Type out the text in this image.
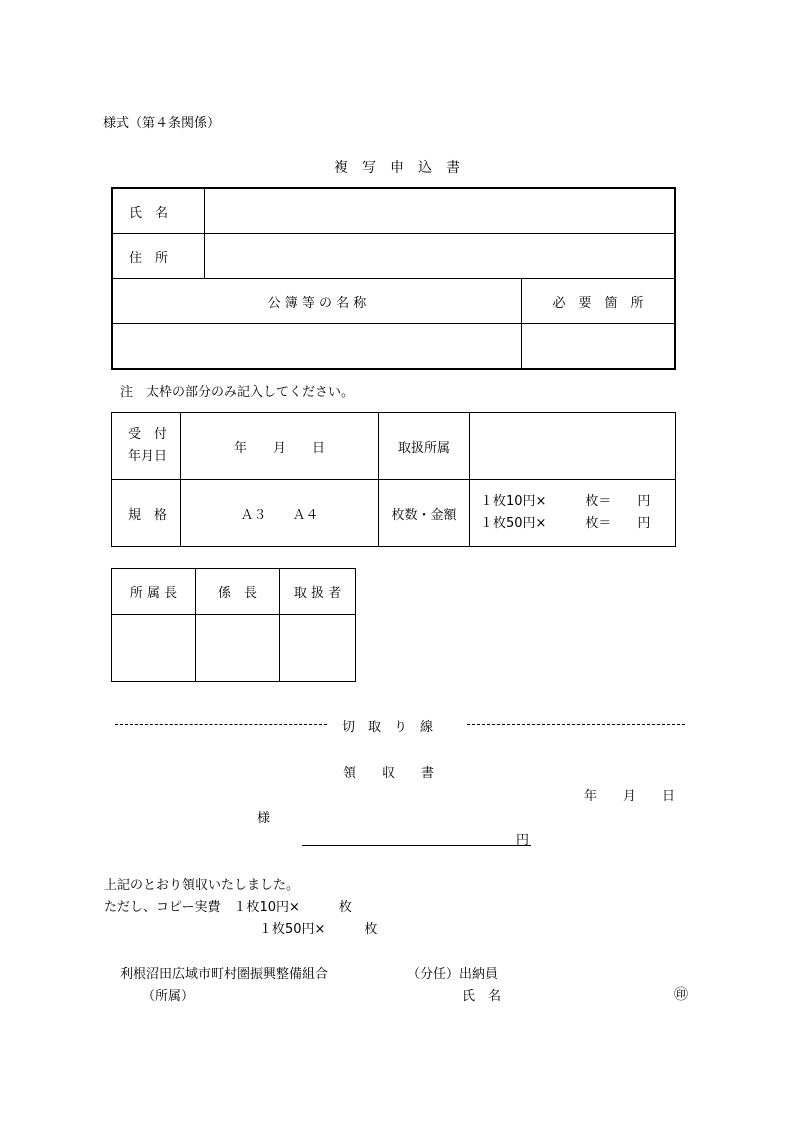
様式（第４条関係）
複　写　申　込　書
氏　名		
住　所		
公 簿 等 の 名 称		必　要　箇　所

注　太枠の部分のみ記入してください。
受　付
年月日	年　　月　　日	取扱所属	
規　格	Ａ３　　Ａ４	枚数・金額	１枚10円×　　　枚＝　　円
１枚50円×　　　枚＝　　円
所 属 長	係　長	取 扱 者

切　取　り　線
領　　収　　書
年　　月　　日
様
円
上記のとおり領収いたしました。
ただし、コピー実費　１枚10円×　　　枚
１枚50円×　　　枚
利根沼田広域市町村圏振興整備組合	（分任）出納員
（所属）	氏　名	㊞
